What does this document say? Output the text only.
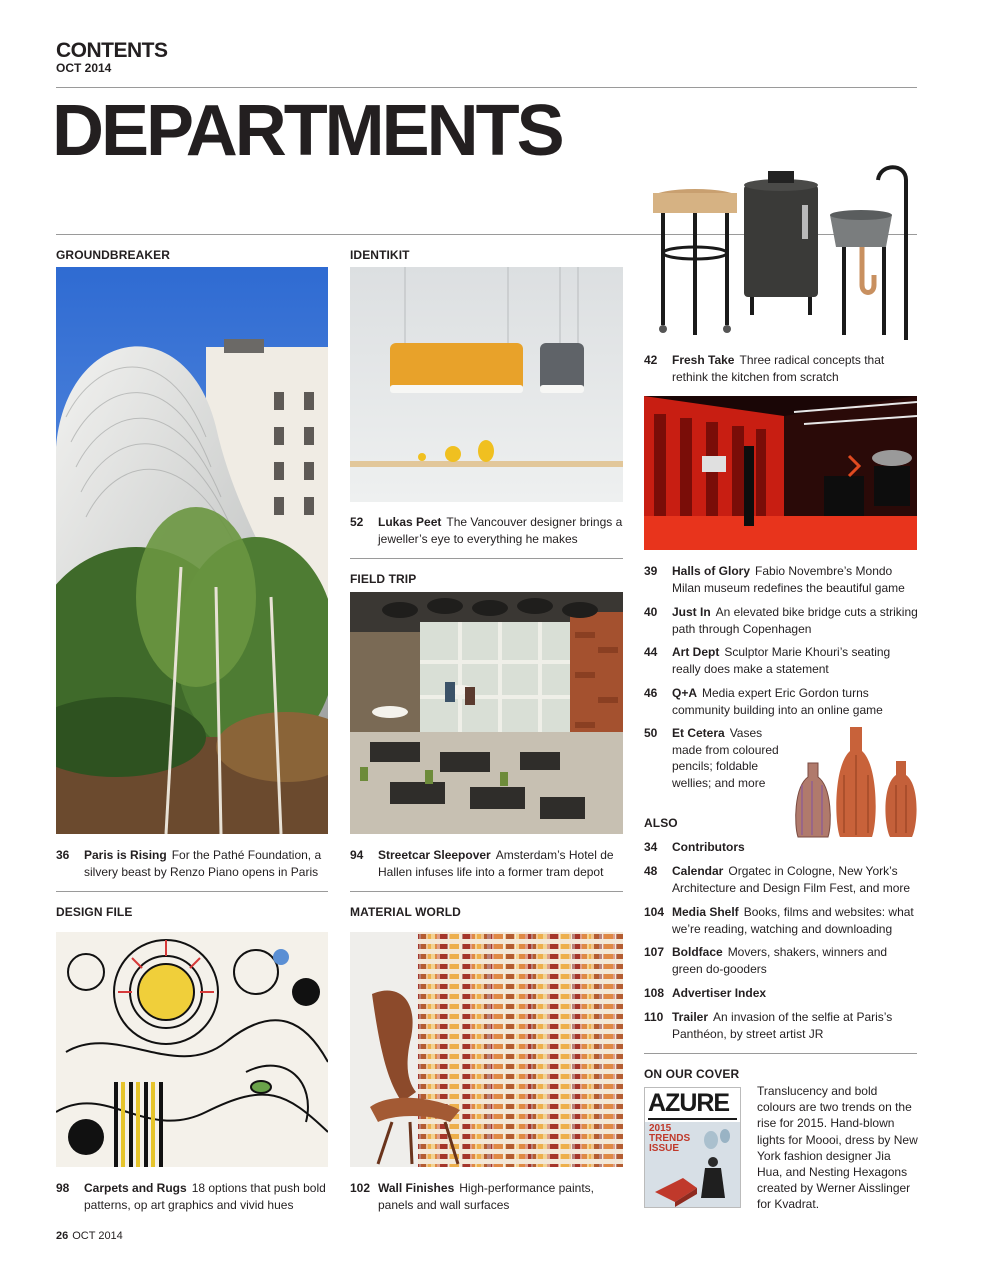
CONTENTS
OCT 2014
DEPARTMENTS
GROUNDBREAKER
36	Paris is Rising For the Pathé Foundation, a silvery beast by Renzo Piano opens in Paris
DESIGN FILE
98	Carpets and Rugs 18 options that push bold patterns, op art graphics and vivid hues
IDENTIKIT
52	Lukas Peet The Vancouver designer brings a jeweller’s eye to everything he makes
FIELD TRIP
94	Streetcar Sleepover Amsterdam’s Hotel de Hallen infuses life into a former tram depot
MATERIAL WORLD
102 Wall Finishes High-performance paints, panels and wall surfaces
42	Fresh Take Three radical concepts that rethink the kitchen from scratch
39	Halls of Glory Fabio Novembre’s Mondo Milan museum redefines the beautiful game
40	Just In An elevated bike bridge cuts a striking path through Copenhagen
44	Art Dept Sculptor Marie Khouri’s seating really does make a statement
46	Q+A Media expert Eric Gordon turns community building into an online game
50	Et Cetera Vases made from coloured pencils; foldable wellies; and more
ALSO
34	Contributors
48	Calendar Orgatec in Cologne, New York’s Architecture and Design Film Fest, and more
104 Media Shelf Books, films and websites: what we’re reading, watching and downloading
107 Boldface Movers, shakers, winners and green do-gooders
108 Advertiser Index
110 Trailer An invasion of the selfie at Paris’s Panthéon, by street artist JR
ON OUR COVER
AZURE
2015
TRENDS
ISSUE
Translucency and bold colours are two trends on the rise for 2015. Hand-blown lights for Moooi, dress by New York fashion designer Jia Hua, and Nesting Hexagons created by Werner Aisslinger for Kvadrat.
26 OCT 2014
